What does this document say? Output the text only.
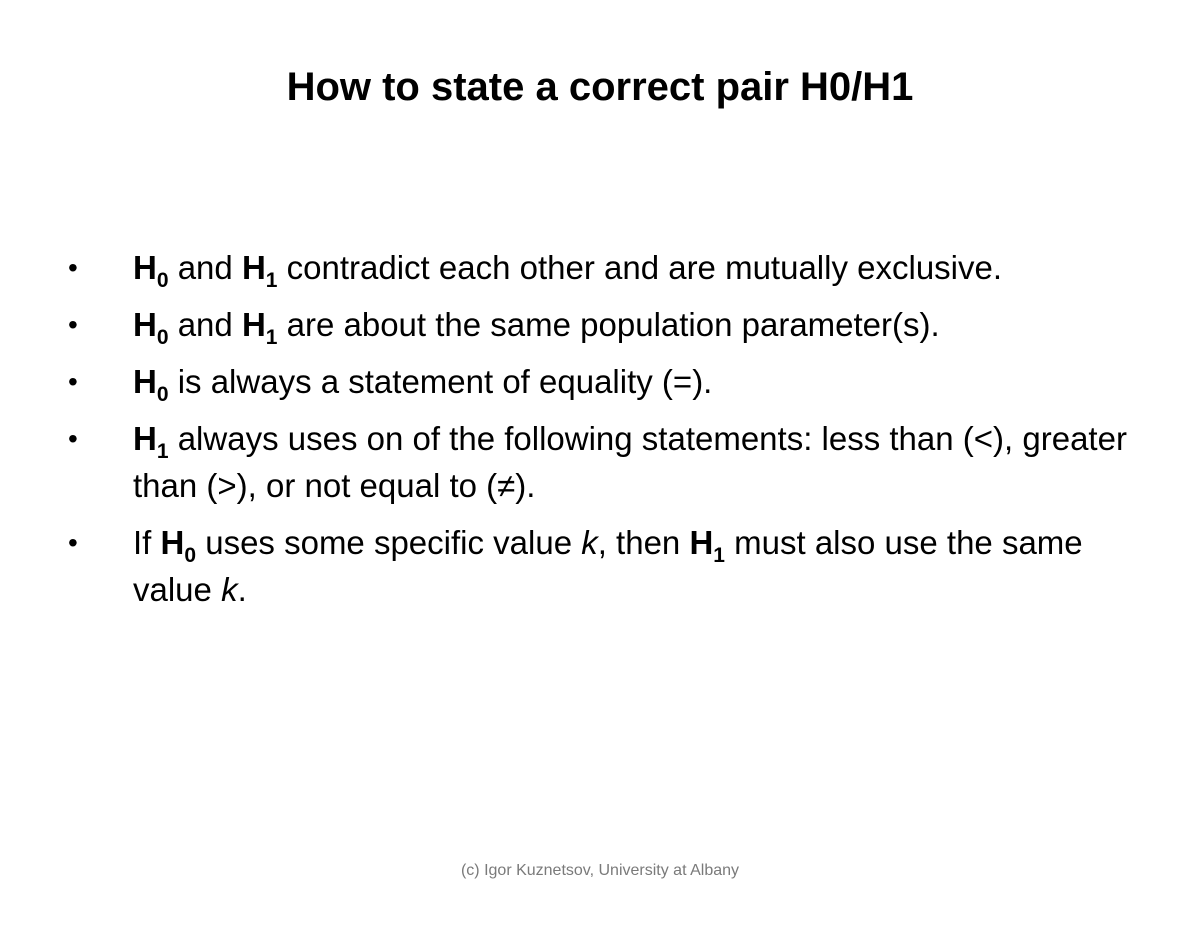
How to state a correct pair H0/H1
• $H_0$ and $H_1$ contradict each other and are mutually exclusive.
• $H_0$ and $H_1$ are about the same population parameter(s).
• $H_0$ is always a statement of equality (=).
• $H_1$ always uses on of the following statements: less than (<), greater than (>), or not equal to (≠).
• If $H_0$ uses some specific value k, then $H_1$ must also use the same value k.
(c) Igor Kuznetsov, University at Albany
